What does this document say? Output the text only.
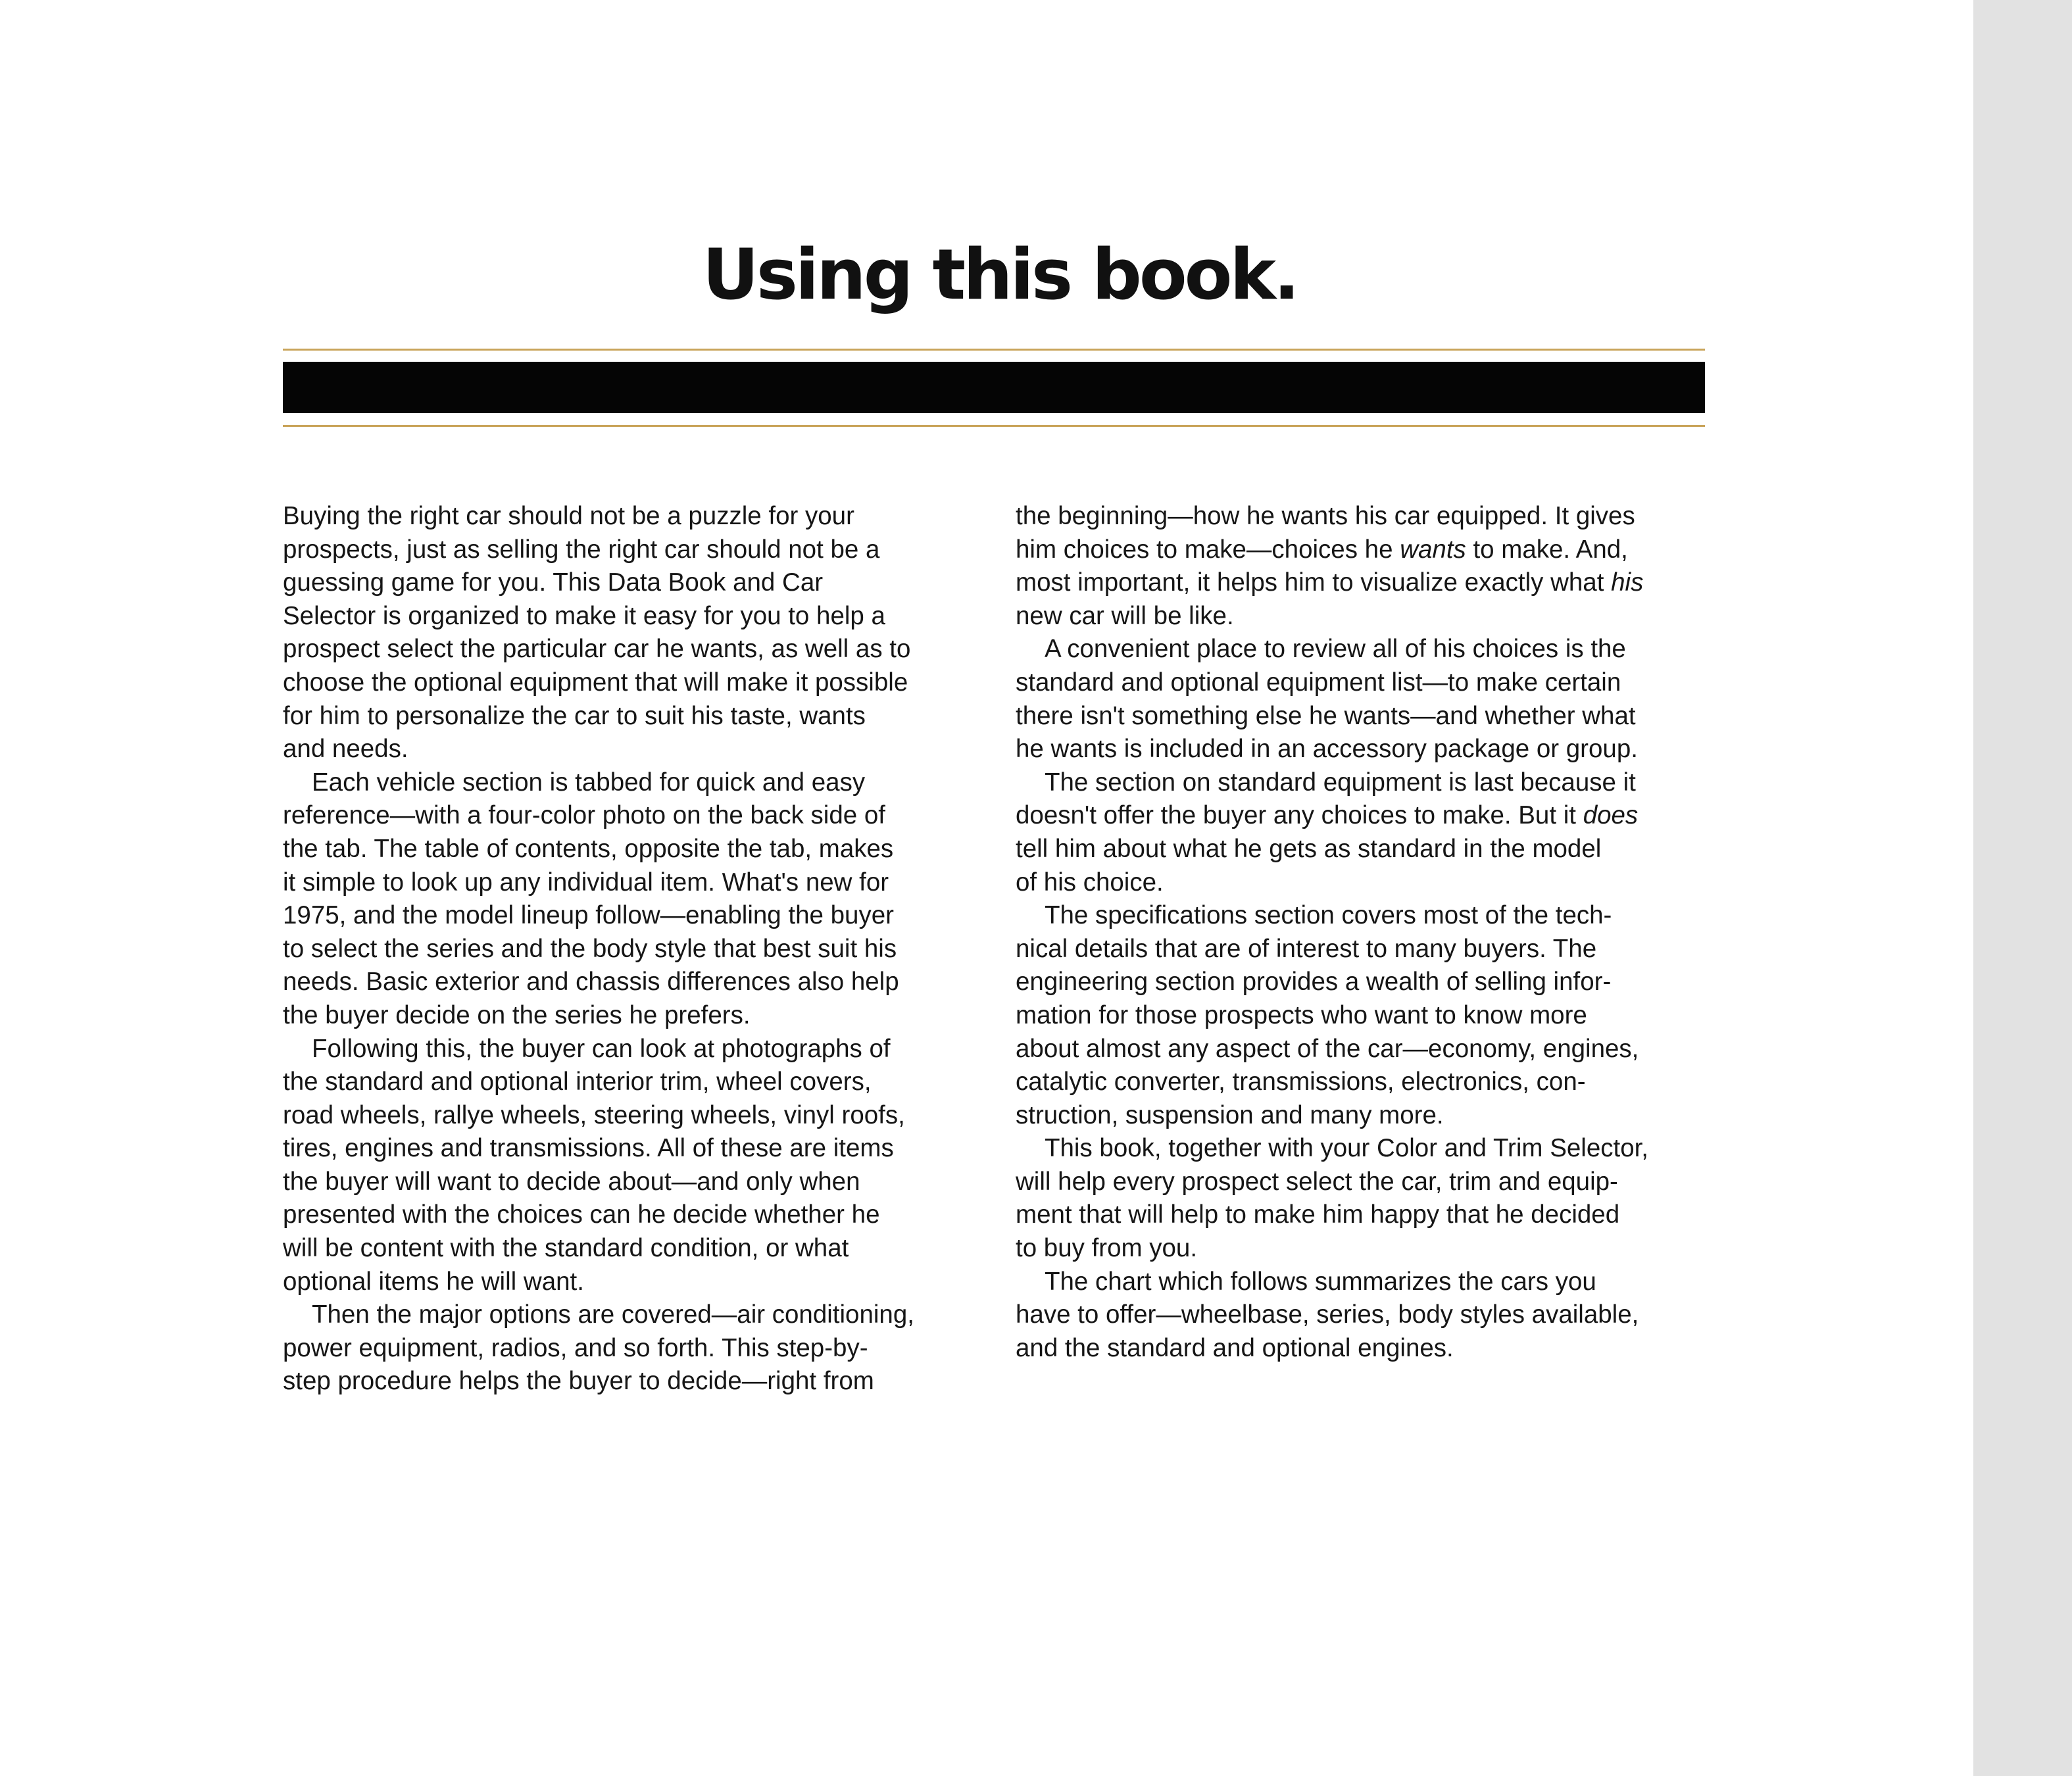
Using this book.

Buying the right car should not be a puzzle for your
prospects, just as selling the right car should not be a
guessing game for you. This Data Book and Car
Selector is organized to make it easy for you to help a
prospect select the particular car he wants, as well as to
choose the optional equipment that will make it possible
for him to personalize the car to suit his taste, wants
and needs.

Each vehicle section is tabbed for quick and easy
reference—with a four-color photo on the back side of
the tab. The table of contents, opposite the tab, makes
it simple to look up any individual item. What's new for
1975, and the model lineup follow—enabling the buyer
to select the series and the body style that best suit his
needs. Basic exterior and chassis differences also help
the buyer decide on the series he prefers.

Following this, the buyer can look at photographs of
the standard and optional interior trim, wheel covers,
road wheels, rallye wheels, steering wheels, vinyl roofs,
tires, engines and transmissions. All of these are items
the buyer will want to decide about—and only when
presented with the choices can he decide whether he
will be content with the standard condition, or what
optional items he will want.

Then the major options are covered—air conditioning,
power equipment, radios, and so forth. This step-by-
step procedure helps the buyer to decide—right from

the beginning—how he wants his car equipped. It gives
him choices to make—choices he wants to make. And,
most important, it helps him to visualize exactly what his
new car will be like.

A convenient place to review all of his choices is the
standard and optional equipment list—to make certain
there isn't something else he wants—and whether what
he wants is included in an accessory package or group.

The section on standard equipment is last because it
doesn't offer the buyer any choices to make. But it does
tell him about what he gets as standard in the model
of his choice.

The specifications section covers most of the tech-
nical details that are of interest to many buyers. The
engineering section provides a wealth of selling infor-
mation for those prospects who want to know more
about almost any aspect of the car—economy, engines,
catalytic converter, transmissions, electronics, con-
struction, suspension and many more.

This book, together with your Color and Trim Selector,
will help every prospect select the car, trim and equip-
ment that will help to make him happy that he decided
to buy from you.

The chart which follows summarizes the cars you
have to offer—wheelbase, series, body styles available,
and the standard and optional engines.
